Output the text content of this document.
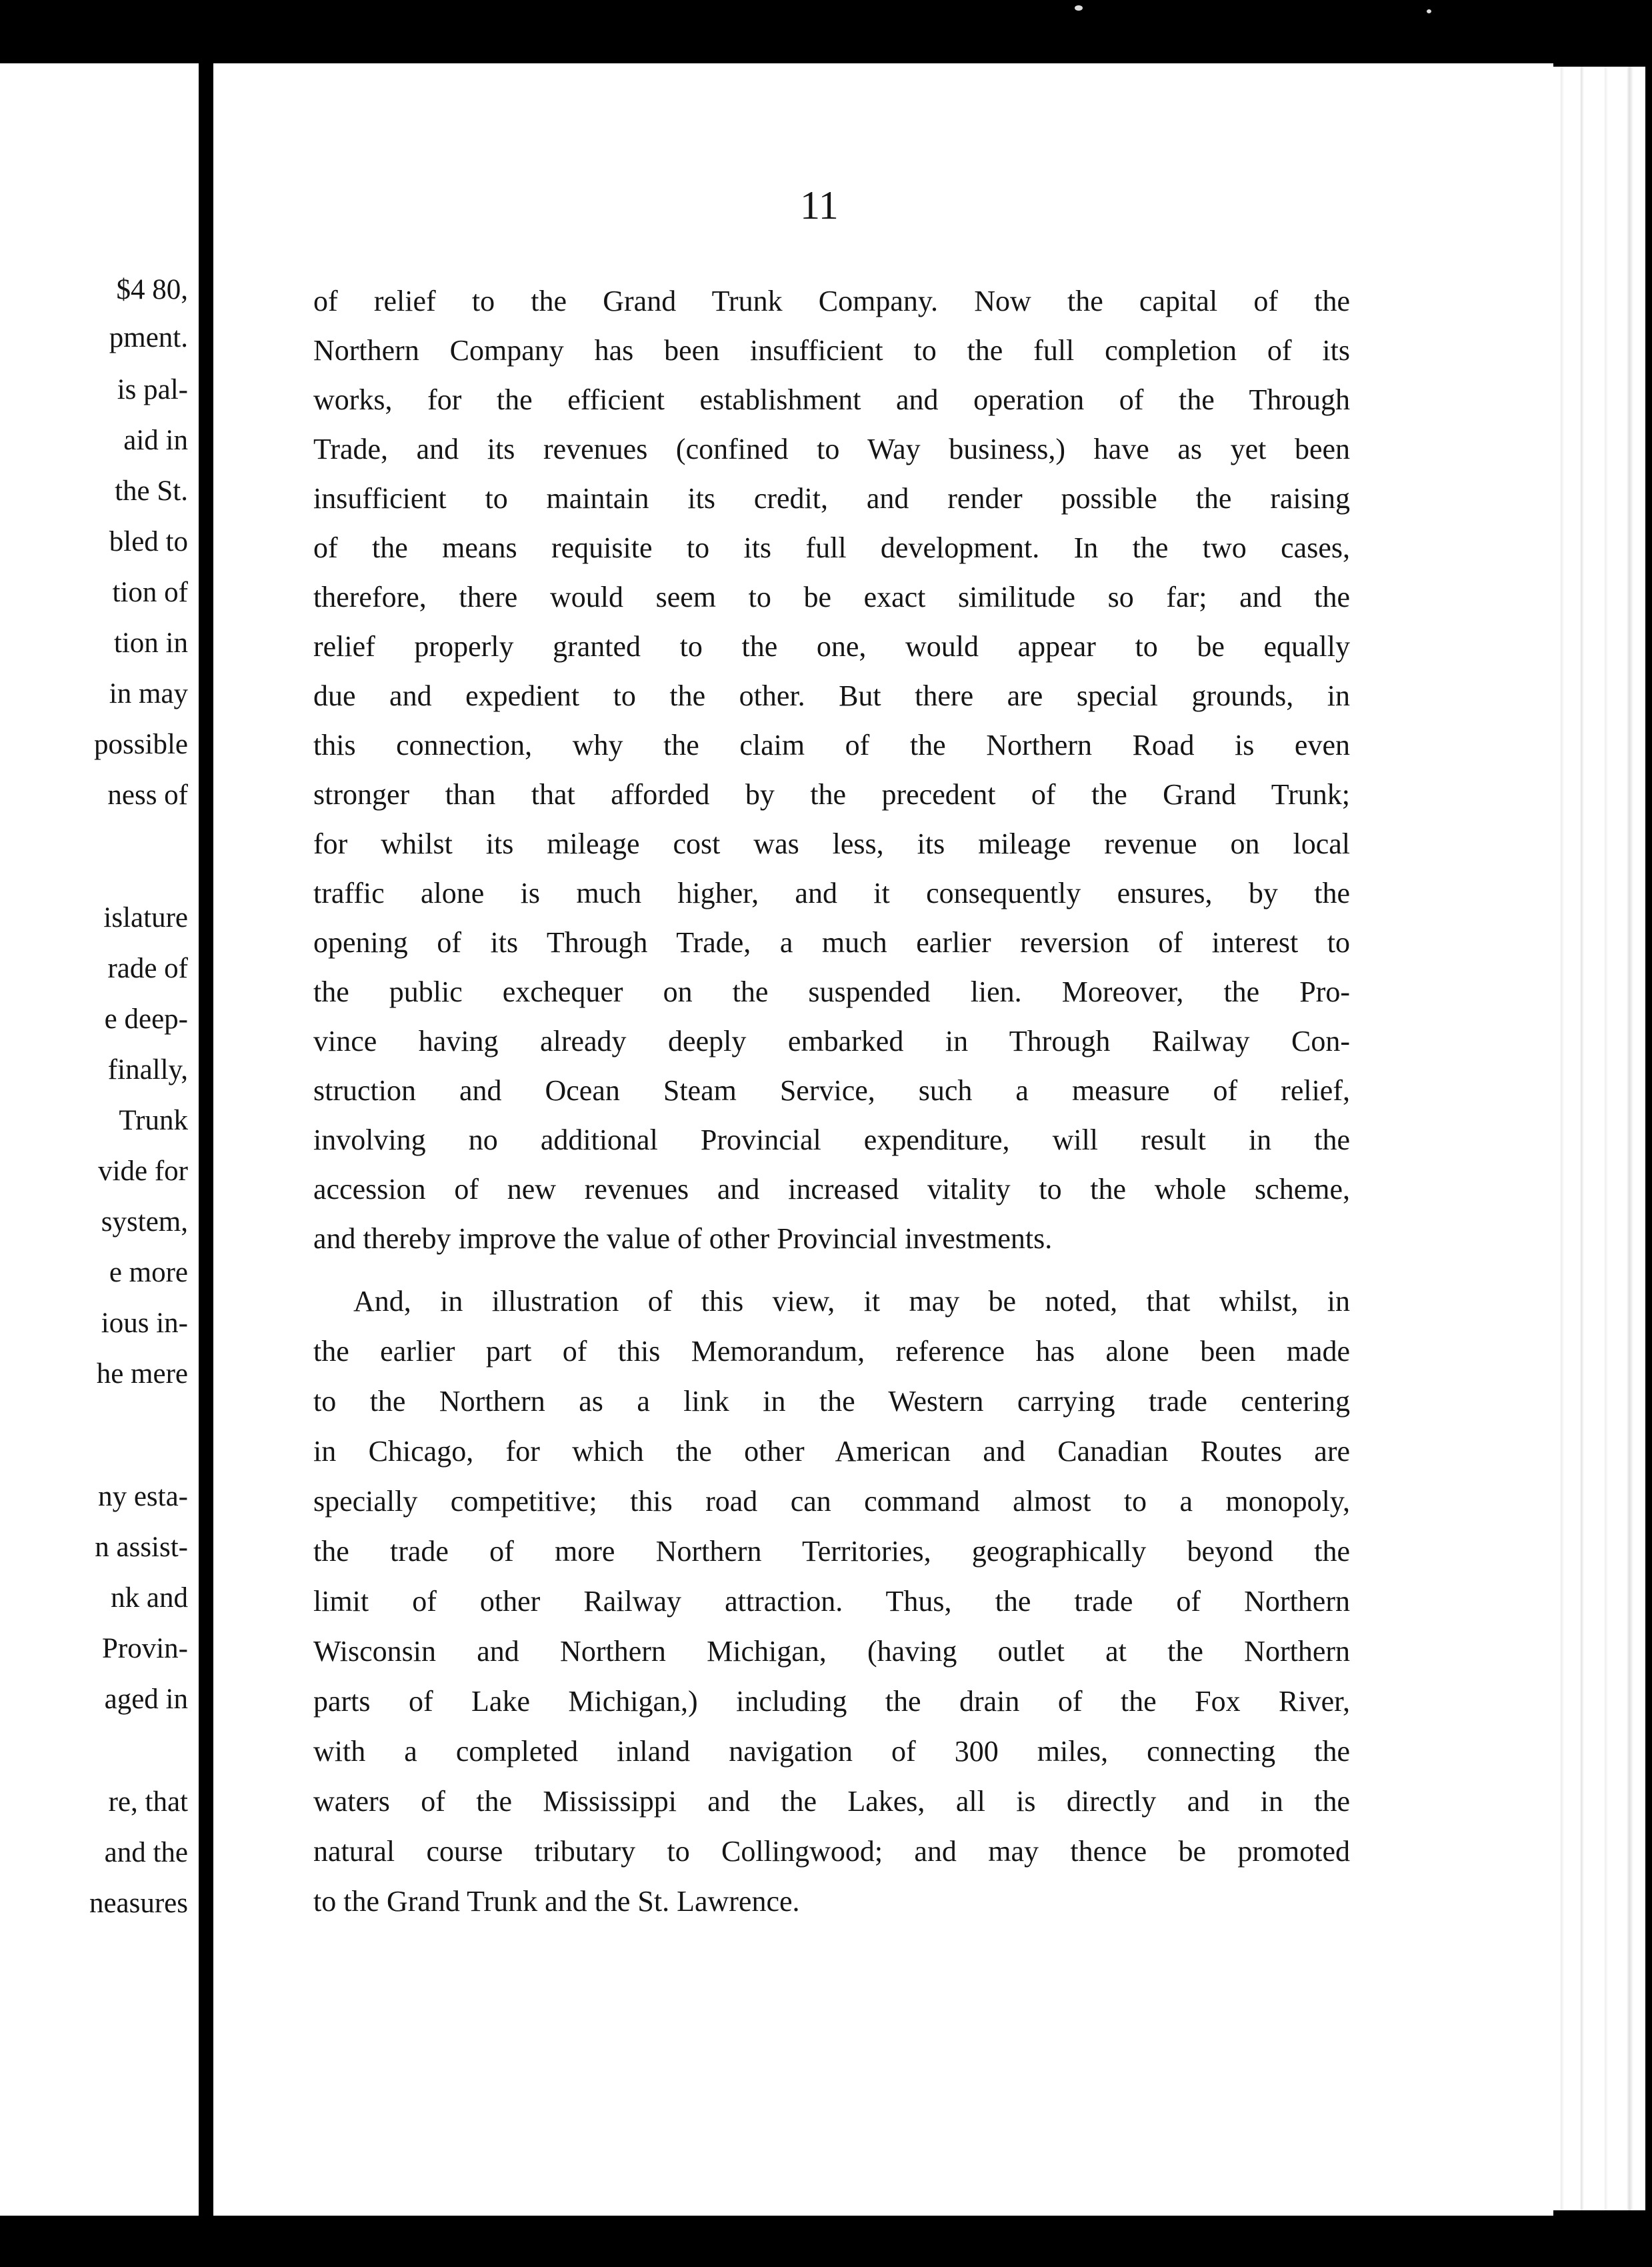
$4 80,

pment.

is pal-

aid in

the St.

bled to

tion of

tion in

in may

possible

ness of

islature

rade of

e deep-

finally,

Trunk

vide for

system,

e more

ious in-

he mere

ny esta-

n assist-

nk and

Provin-

aged in

re, that

and the

neasures

11

of relief to the Grand Trunk Company. Now the capital of the

Northern Company has been insufficient to the full completion of its

works, for the efficient establishment and operation of the Through

Trade, and its revenues (confined to Way business,) have as yet been

insufficient to maintain its credit, and render possible the raising

of the means requisite to its full development. In the two cases,

therefore, there would seem to be exact similitude so far; and the

relief properly granted to the one, would appear to be equally

due and expedient to the other. But there are special grounds, in

this connection, why the claim of the Northern Road is even

stronger than that afforded by the precedent of the Grand Trunk;

for whilst its mileage cost was less, its mileage revenue on local

traffic alone is much higher, and it consequently ensures, by the

opening of its Through Trade, a much earlier reversion of interest to

the public exchequer on the suspended lien. Moreover, the Pro-

vince having already deeply embarked in Through Railway Con-

struction and Ocean Steam Service, such a measure of relief,

involving no additional Provincial expenditure, will result in the

accession of new revenues and increased vitality to the whole scheme,

and thereby improve the value of other Provincial investments.

And, in illustration of this view, it may be noted, that whilst, in

the earlier part of this Memorandum, reference has alone been made

to the Northern as a link in the Western carrying trade centering

in Chicago, for which the other American and Canadian Routes are

specially competitive; this road can command almost to a monopoly,

the trade of more Northern Territories, geographically beyond the

limit of other Railway attraction. Thus, the trade of Northern

Wisconsin and Northern Michigan, (having outlet at the Northern

parts of Lake Michigan,) including the drain of the Fox River,

with a completed inland navigation of 300 miles, connecting the

waters of the Mississippi and the Lakes, all is directly and in the

natural course tributary to Collingwood; and may thence be promoted

to the Grand Trunk and the St. Lawrence.
